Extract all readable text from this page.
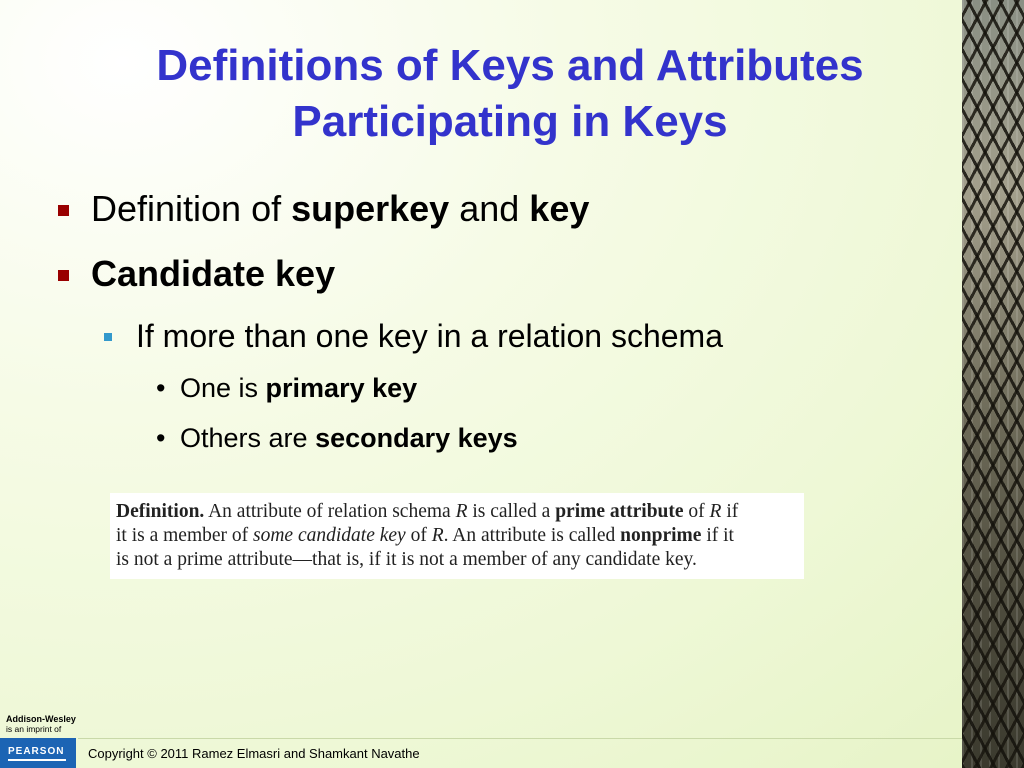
Definitions of Keys and Attributes
Participating in Keys
Definition of superkey and key
Candidate key
If more than one key in a relation schema
• One is primary key
• Others are secondary keys
Definition. An attribute of relation schema R is called a prime attribute of R if
it is a member of some candidate key of R. An attribute is called nonprime if it
is not a prime attribute—that is, if it is not a member of any candidate key.
Addison-Wesley
is an imprint of
PEARSON Copyright © 2011 Ramez Elmasri and Shamkant Navathe
